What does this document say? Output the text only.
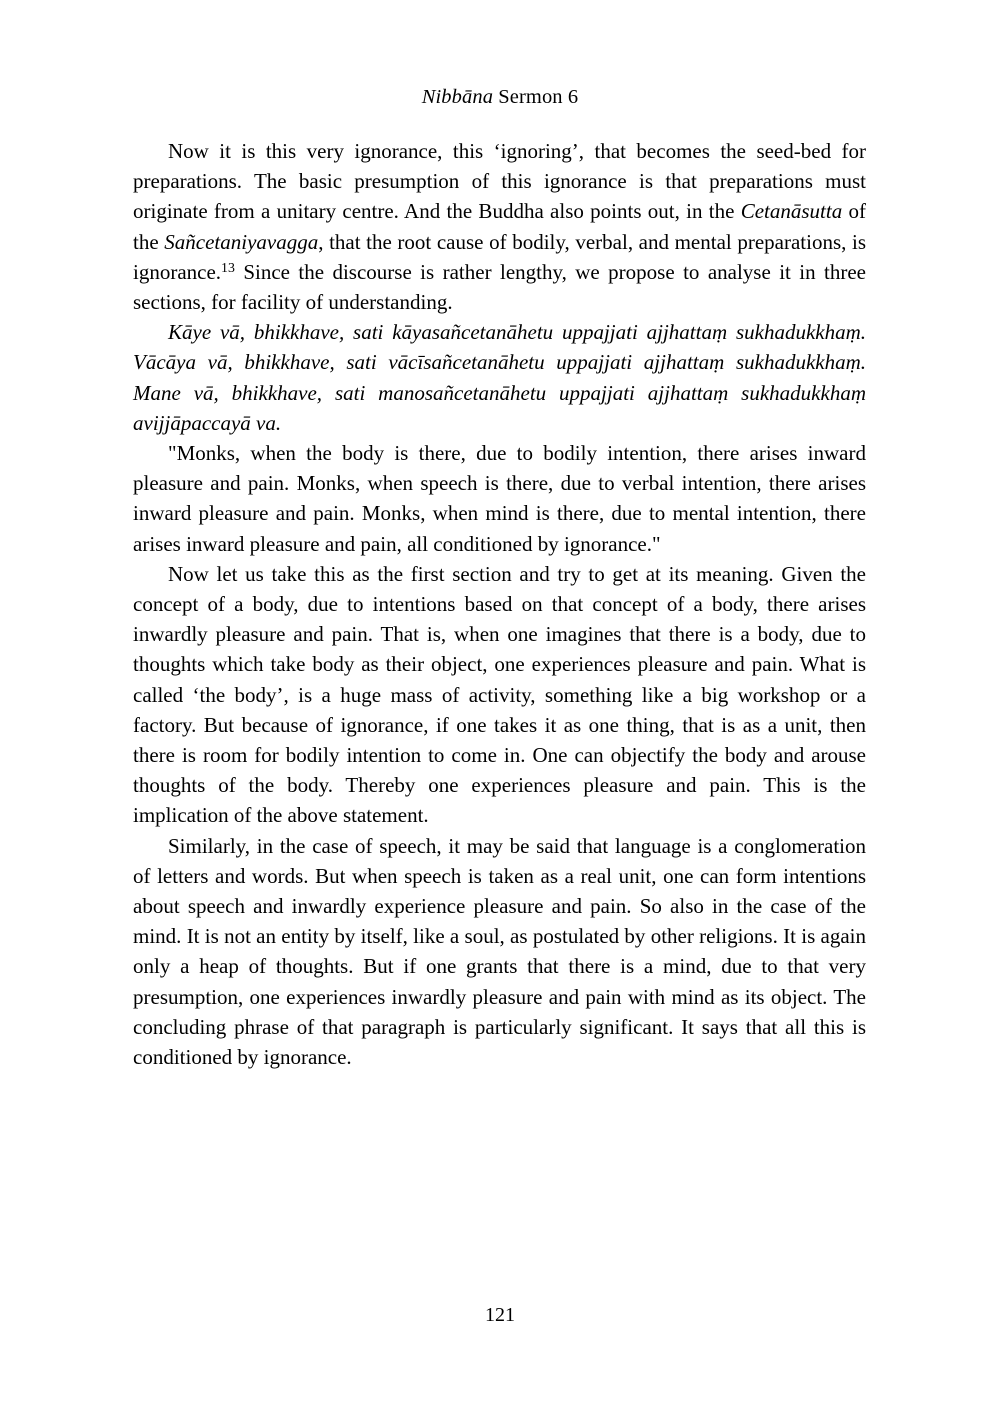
Nibbāna Sermon 6

Now it is this very ignorance, this ‘ignoring’, that becomes the seed-bed for preparations. The basic presumption of this ignorance is that preparations must originate from a unitary centre. And the Buddha also points out, in the Cetanāsutta of the Sañcetaniyavagga, that the root cause of bodily, verbal, and mental preparations, is ignorance.$^{13}$ Since the discourse is rather lengthy, we propose to analyse it in three sections, for facility of understanding.

Kāye vā, bhikkhave, sati kāyasañcetanāhetu uppajjati ajjhattaṃ sukhadukkhaṃ. Vācāya vā, bhikkhave, sati vācīsañcetanāhetu uppajjati ajjhattaṃ sukhadukkhaṃ. Mane vā, bhikkhave, sati manosañcetanāhetu uppajjati ajjhattaṃ sukhadukkhaṃ avijjāpaccayā va.

"Monks, when the body is there, due to bodily intention, there arises inward pleasure and pain. Monks, when speech is there, due to verbal intention, there arises inward pleasure and pain. Monks, when mind is there, due to mental intention, there arises inward pleasure and pain, all conditioned by ignorance."

Now let us take this as the first section and try to get at its meaning. Given the concept of a body, due to intentions based on that concept of a body, there arises inwardly pleasure and pain. That is, when one imagines that there is a body, due to thoughts which take body as their object, one experiences pleasure and pain. What is called ‘the body’, is a huge mass of activity, something like a big workshop or a factory. But because of ignorance, if one takes it as one thing, that is as a unit, then there is room for bodily intention to come in. One can objectify the body and arouse thoughts of the body. Thereby one experiences pleasure and pain. This is the implication of the above statement.

Similarly, in the case of speech, it may be said that language is a conglomeration of letters and words. But when speech is taken as a real unit, one can form intentions about speech and inwardly experience pleasure and pain. So also in the case of the mind. It is not an entity by itself, like a soul, as postulated by other religions. It is again only a heap of thoughts. But if one grants that there is a mind, due to that very presumption, one experiences inwardly pleasure and pain with mind as its object. The concluding phrase of that paragraph is particularly significant. It says that all this is conditioned by ignorance.

121
